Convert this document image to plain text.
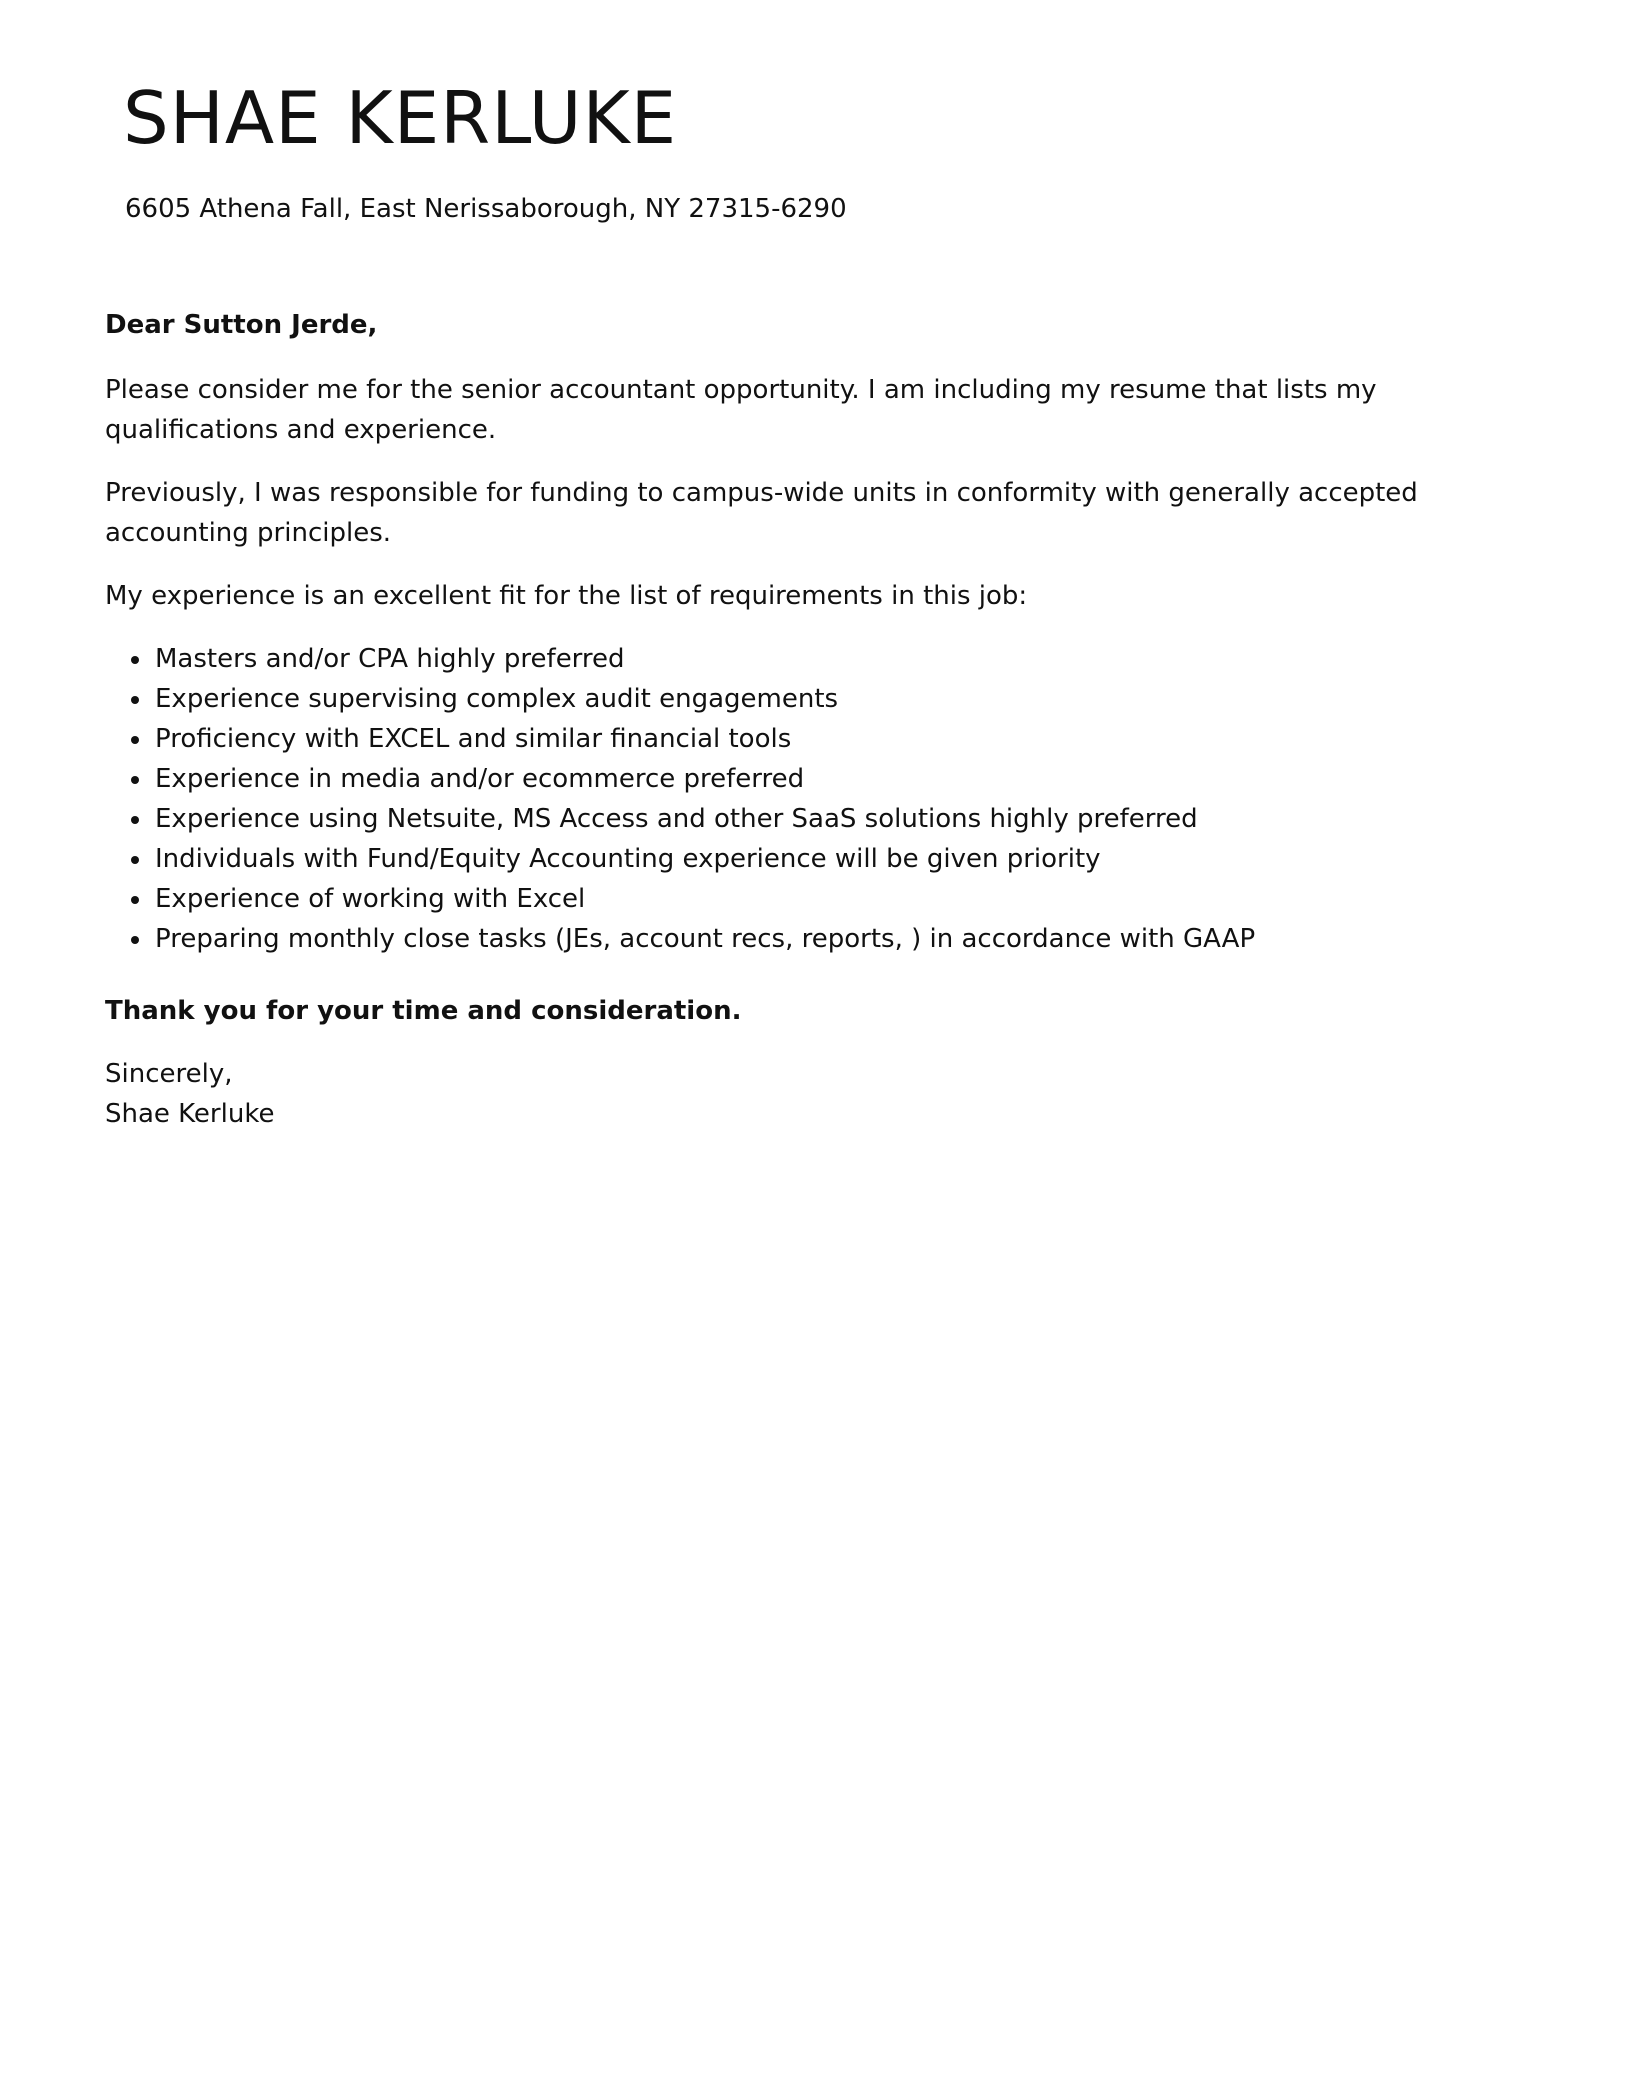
SHAE KERLUKE
6605 Athena Fall, East Nerissaborough, NY 27315-6290

Dear Sutton Jerde,

Please consider me for the senior accountant opportunity. I am including my resume that lists my qualifications and experience.

Previously, I was responsible for funding to campus-wide units in conformity with generally accepted accounting principles.

My experience is an excellent fit for the list of requirements in this job:

• Masters and/or CPA highly preferred
• Experience supervising complex audit engagements
• Proficiency with EXCEL and similar financial tools
• Experience in media and/or ecommerce preferred
• Experience using Netsuite, MS Access and other SaaS solutions highly preferred
• Individuals with Fund/Equity Accounting experience will be given priority
• Experience of working with Excel
• Preparing monthly close tasks (JEs, account recs, reports, ) in accordance with GAAP

Thank you for your time and consideration.

Sincerely,
Shae Kerluke
